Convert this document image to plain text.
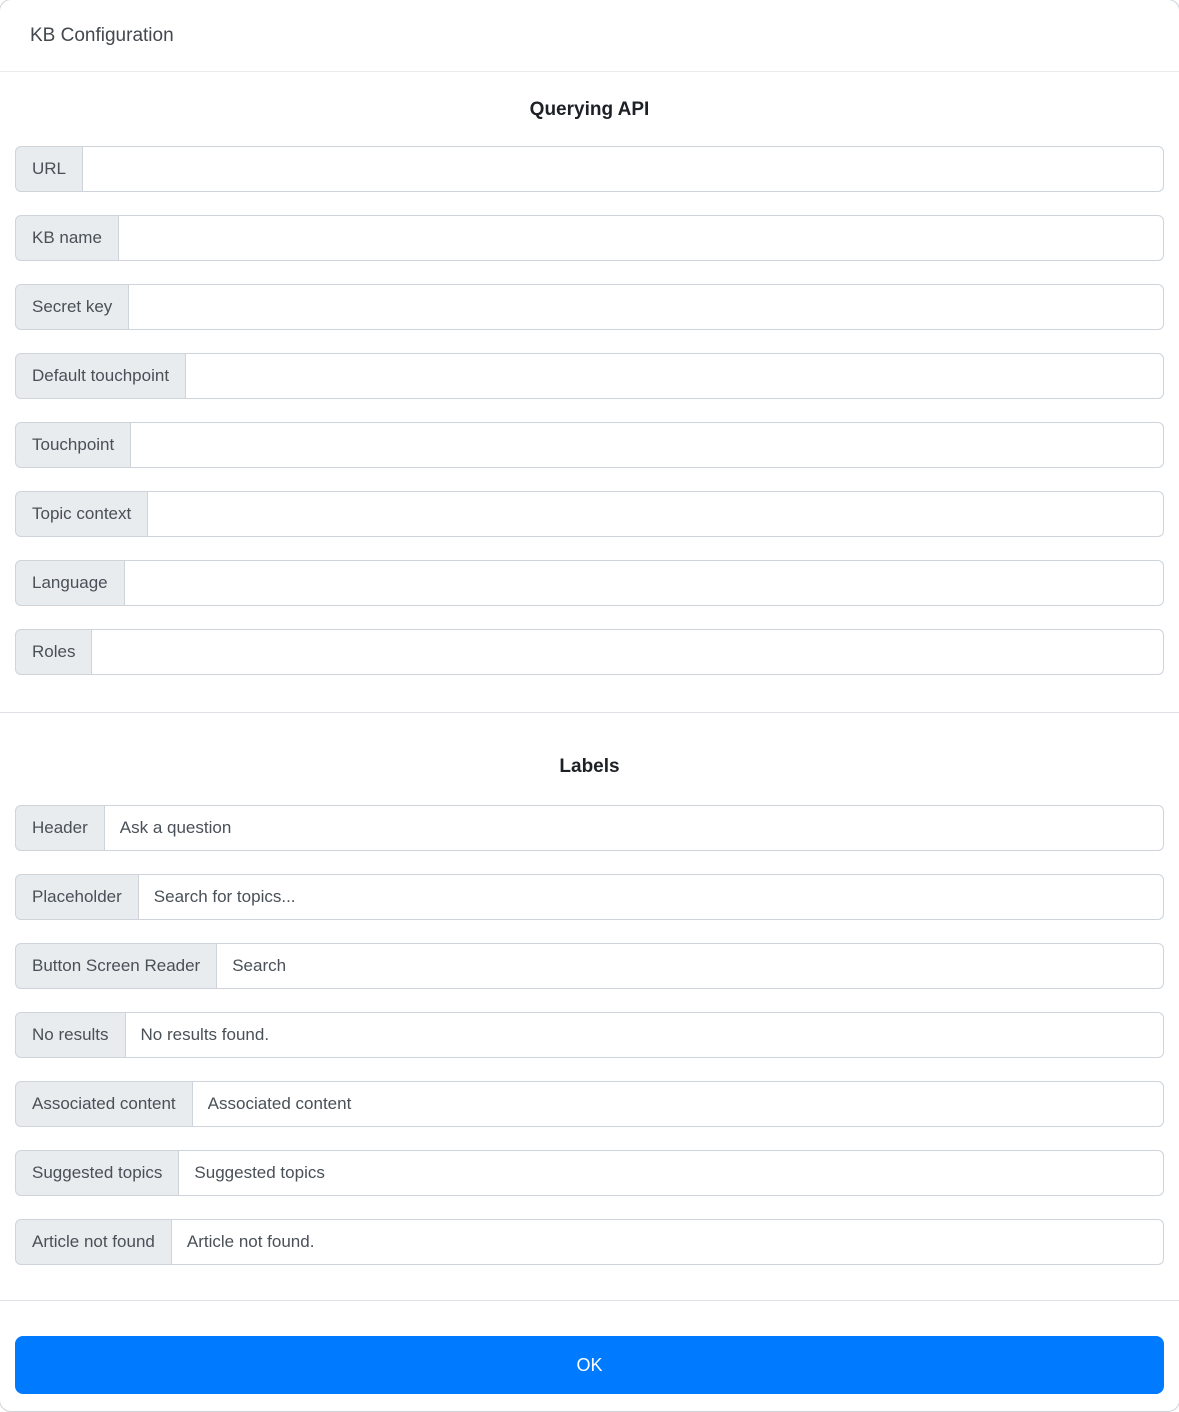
KB Configuration
Querying API
URL
KB name
Secret key
Default touchpoint
Touchpoint
Topic context
Language
Roles
Labels
Header
Ask a question
Placeholder
Search for topics...
Button Screen Reader
Search
No results
No results found.
Associated content
Associated content
Suggested topics
Suggested topics
Article not found
Article not found.
OK
